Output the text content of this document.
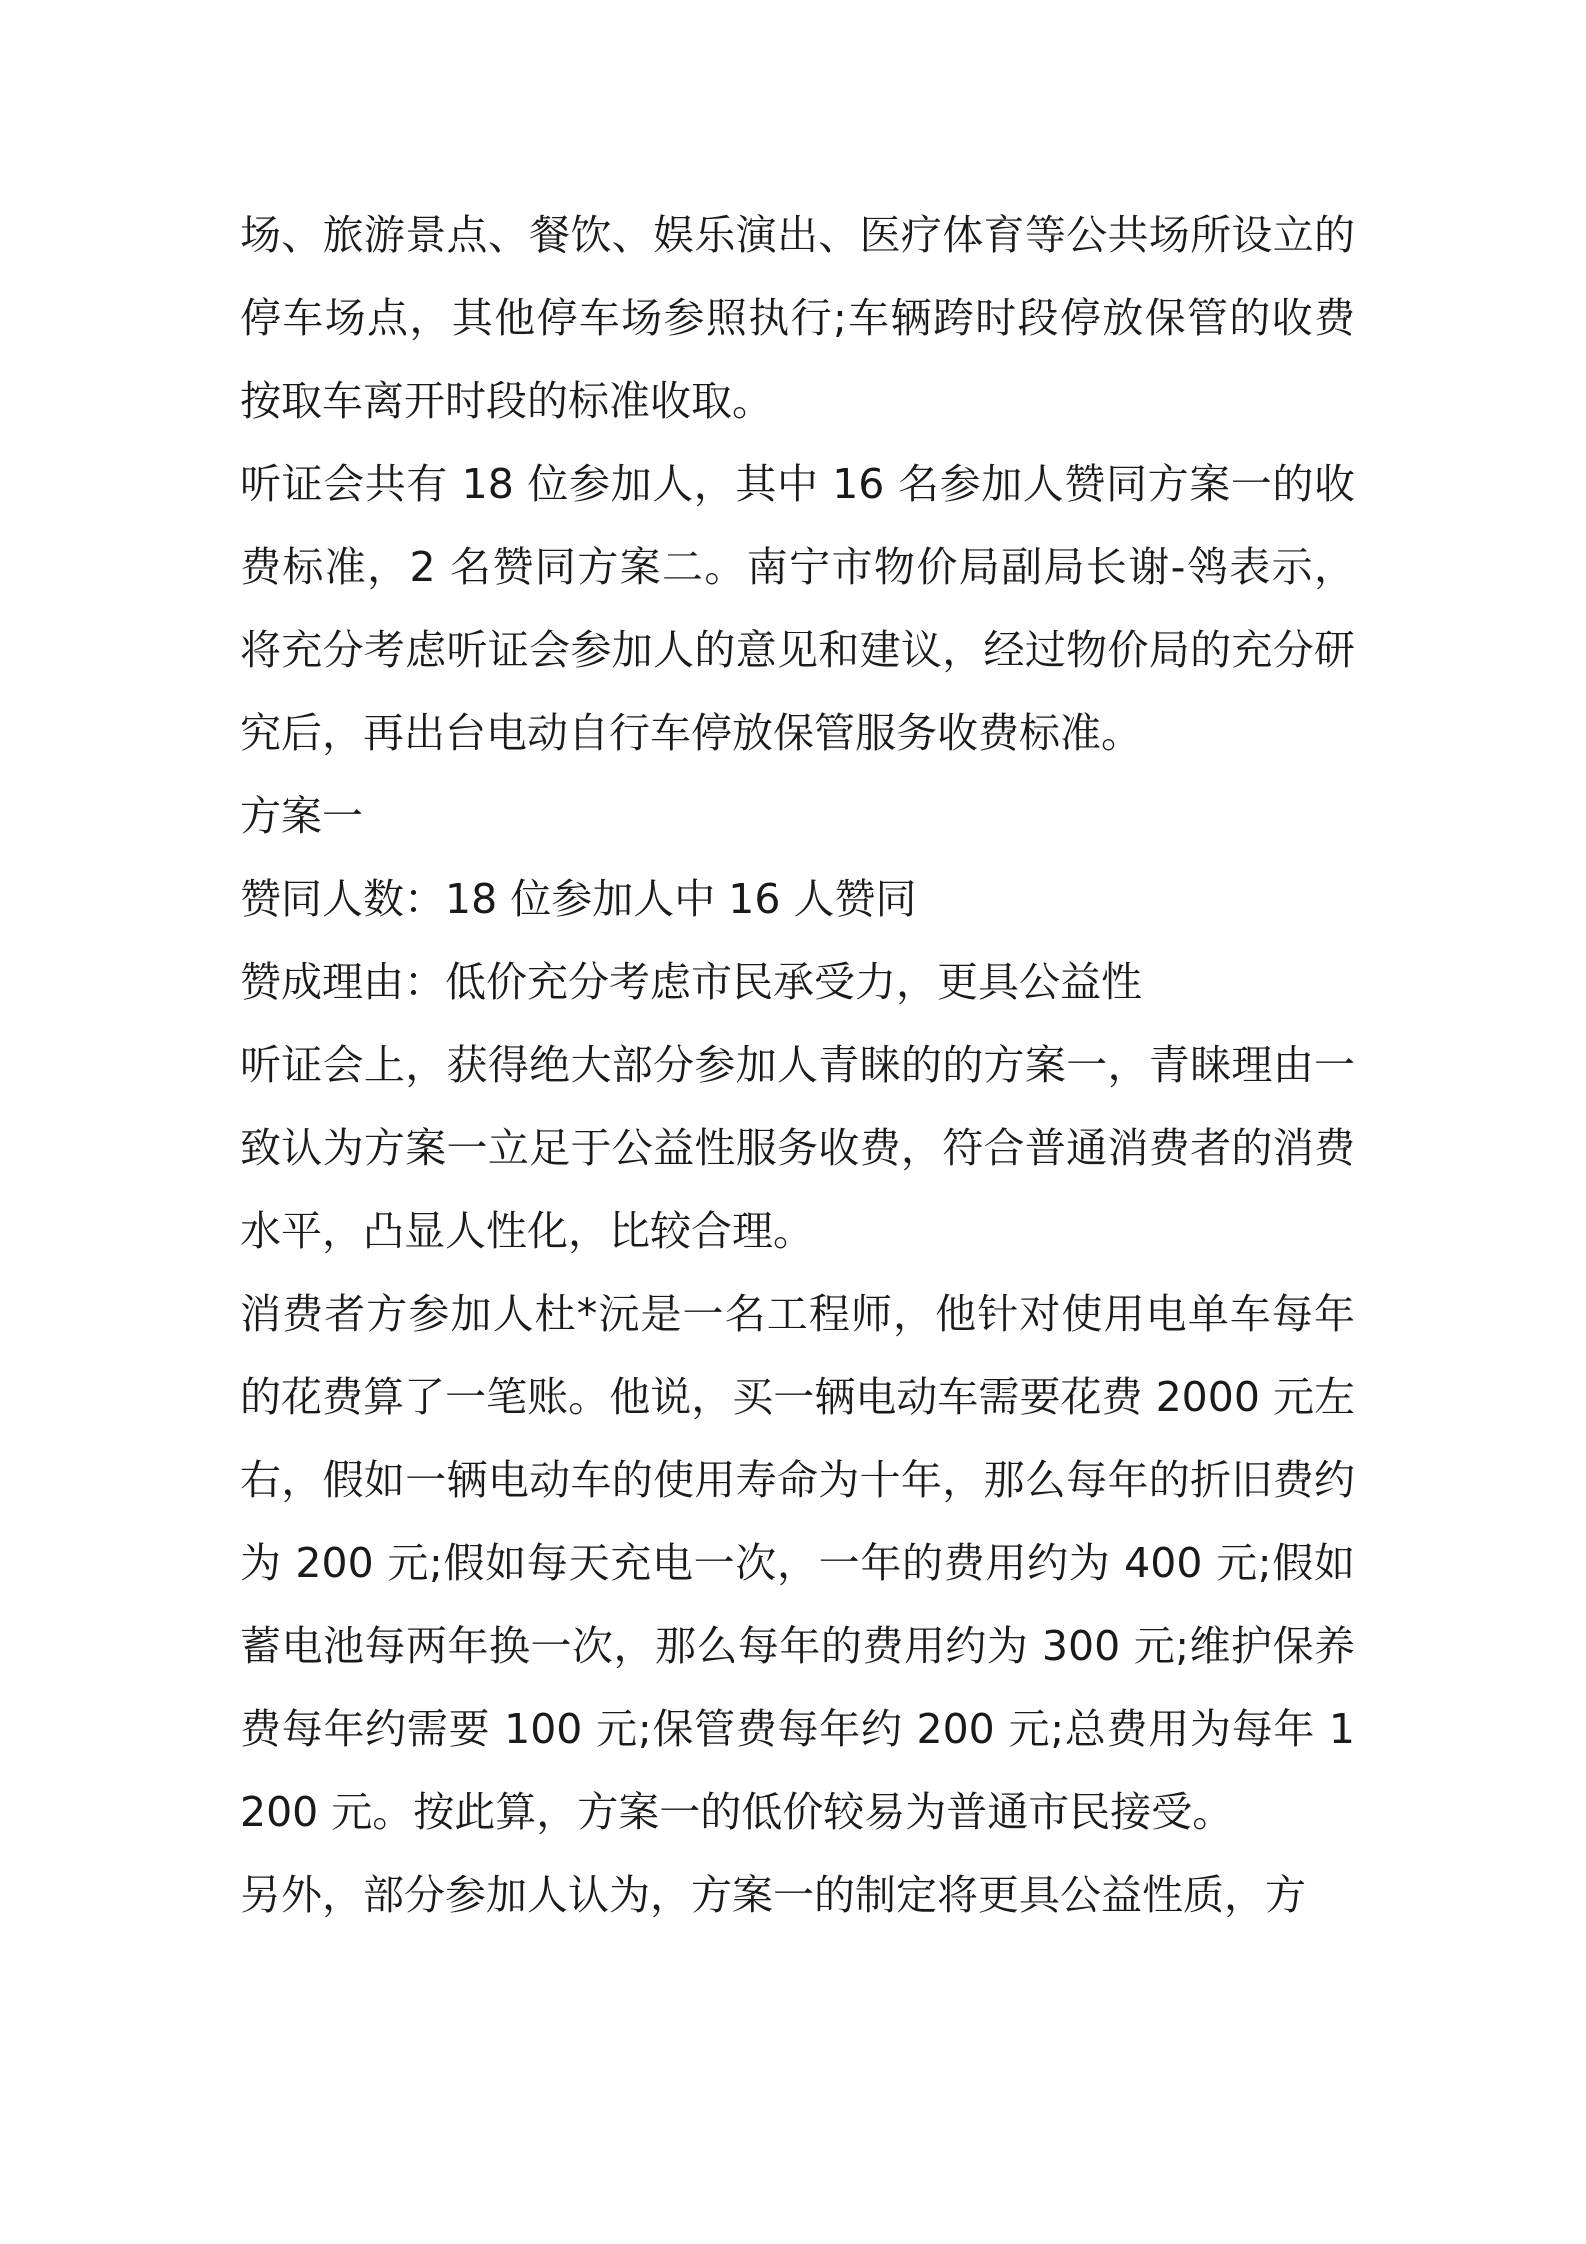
场、旅游景点、餐饮、娱乐演出、医疗体育等公共场所设立的停车场点，其他停车场参照执行;车辆跨时段停放保管的收费按取车离开时段的标准收取。

听证会共有 18 位参加人，其中 16 名参加人赞同方案一的收费标准，2 名赞同方案二。南宁市物价局副局长谢-鸰表示，将充分考虑听证会参加人的意见和建议，经过物价局的充分研究后，再出台电动自行车停放保管服务收费标准。

方案一

赞同人数：18 位参加人中 16 人赞同

赞成理由：低价充分考虑市民承受力，更具公益性

听证会上，获得绝大部分参加人青睐的的方案一，青睐理由一致认为方案一立足于公益性服务收费，符合普通消费者的消费水平，凸显人性化，比较合理。

消费者方参加人杜*沅是一名工程师，他针对使用电单车每年的花费算了一笔账。他说，买一辆电动车需要花费 2000 元左右，假如一辆电动车的使用寿命为十年，那么每年的折旧费约为 200 元;假如每天充电一次，一年的费用约为 400 元;假如蓄电池每两年换一次，那么每年的费用约为 300 元;维护保养费每年约需要 100 元;保管费每年约 200 元;总费用为每年 1200 元。按此算，方案一的低价较易为普通市民接受。

另外，部分参加人认为，方案一的制定将更具公益性质，方
